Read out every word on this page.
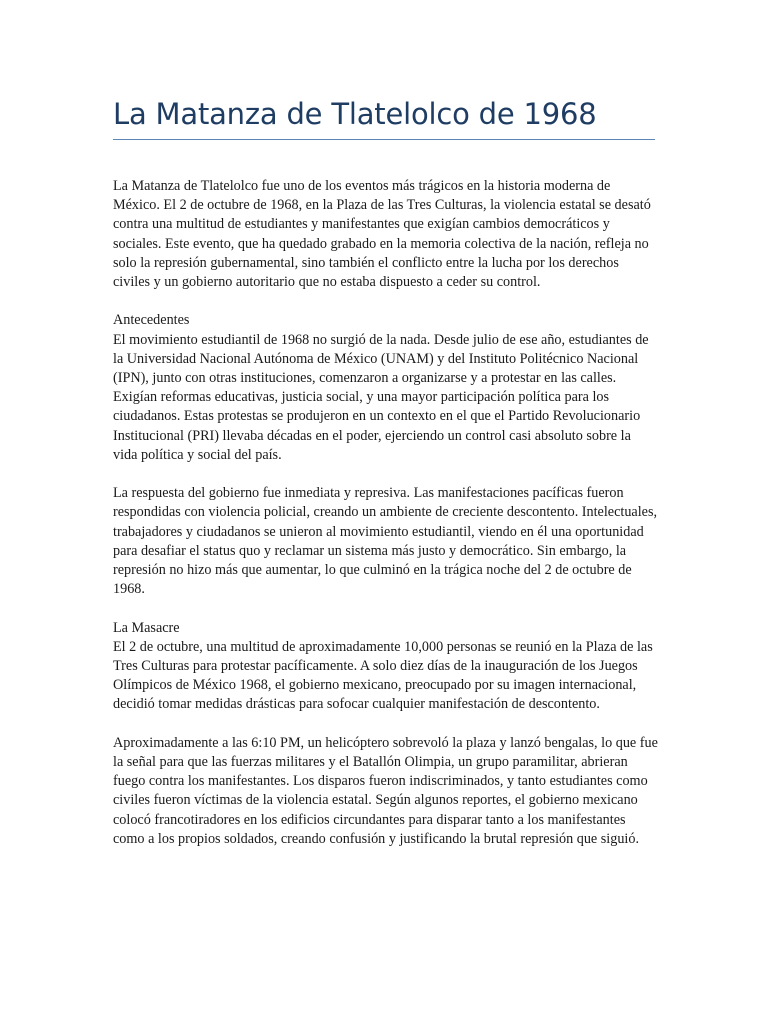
La Matanza de Tlatelolco de 1968

La Matanza de Tlatelolco fue uno de los eventos más trágicos en la historia moderna de México. El 2 de octubre de 1968, en la Plaza de las Tres Culturas, la violencia estatal se desató contra una multitud de estudiantes y manifestantes que exigían cambios democráticos y sociales. Este evento, que ha quedado grabado en la memoria colectiva de la nación, refleja no solo la represión gubernamental, sino también el conflicto entre la lucha por los derechos civiles y un gobierno autoritario que no estaba dispuesto a ceder su control.

Antecedentes

El movimiento estudiantil de 1968 no surgió de la nada. Desde julio de ese año, estudiantes de la Universidad Nacional Autónoma de México (UNAM) y del Instituto Politécnico Nacional (IPN), junto con otras instituciones, comenzaron a organizarse y a protestar en las calles. Exigían reformas educativas, justicia social, y una mayor participación política para los ciudadanos. Estas protestas se produjeron en un contexto en el que el Partido Revolucionario Institucional (PRI) llevaba décadas en el poder, ejerciendo un control casi absoluto sobre la vida política y social del país.

La respuesta del gobierno fue inmediata y represiva. Las manifestaciones pacíficas fueron respondidas con violencia policial, creando un ambiente de creciente descontento. Intelectuales, trabajadores y ciudadanos se unieron al movimiento estudiantil, viendo en él una oportunidad para desafiar el status quo y reclamar un sistema más justo y democrático. Sin embargo, la represión no hizo más que aumentar, lo que culminó en la trágica noche del 2 de octubre de 1968.

La Masacre

El 2 de octubre, una multitud de aproximadamente 10,000 personas se reunió en la Plaza de las Tres Culturas para protestar pacíficamente. A solo diez días de la inauguración de los Juegos Olímpicos de México 1968, el gobierno mexicano, preocupado por su imagen internacional, decidió tomar medidas drásticas para sofocar cualquier manifestación de descontento.

Aproximadamente a las 6:10 PM, un helicóptero sobrevoló la plaza y lanzó bengalas, lo que fue la señal para que las fuerzas militares y el Batallón Olimpia, un grupo paramilitar, abrieran fuego contra los manifestantes. Los disparos fueron indiscriminados, y tanto estudiantes como civiles fueron víctimas de la violencia estatal. Según algunos reportes, el gobierno mexicano colocó francotiradores en los edificios circundantes para disparar tanto a los manifestantes como a los propios soldados, creando confusión y justificando la brutal represión que siguió.
